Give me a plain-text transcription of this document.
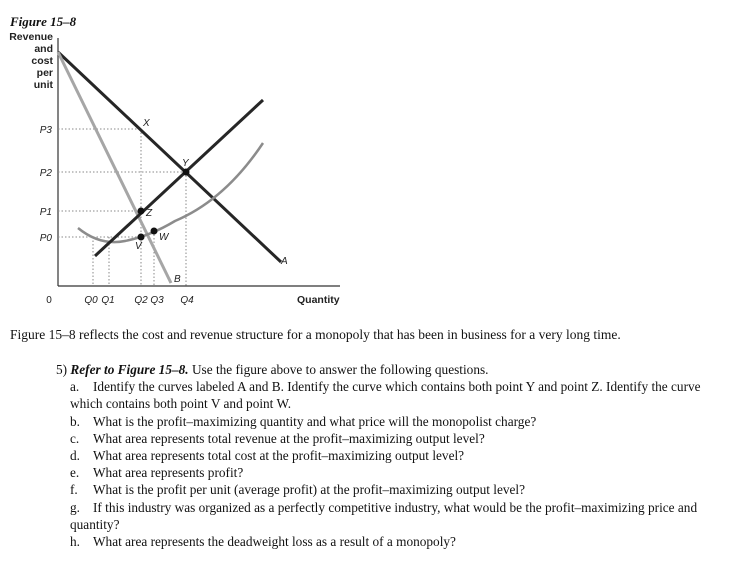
Figure 15–8
Revenue
and
cost
per
unit
X
Y
Z
W
V
A
B
P3
P2
P1
P0
0	Q0 Q1 Q2 Q3 Q4	Quantity
Figure 15–8 reflects the cost and revenue structure for a monopoly that has been in business for a very long time.
5) Refer to Figure 15–8. Use the figure above to answer the following questions.
a. Identify the curves labeled A and B. Identify the curve which contains both point Y and point Z. Identify the curve which contains both point V and point W.
b. What is the profit–maximizing quantity and what price will the monopolist charge?
c. What area represents total revenue at the profit–maximizing output level?
d. What area represents total cost at the profit–maximizing output level?
e. What area represents profit?
f. What is the profit per unit (average profit) at the profit–maximizing output level?
g. If this industry was organized as a perfectly competitive industry, what would be the profit–maximizing price and quantity?
h. What area represents the deadweight loss as a result of a monopoly?
